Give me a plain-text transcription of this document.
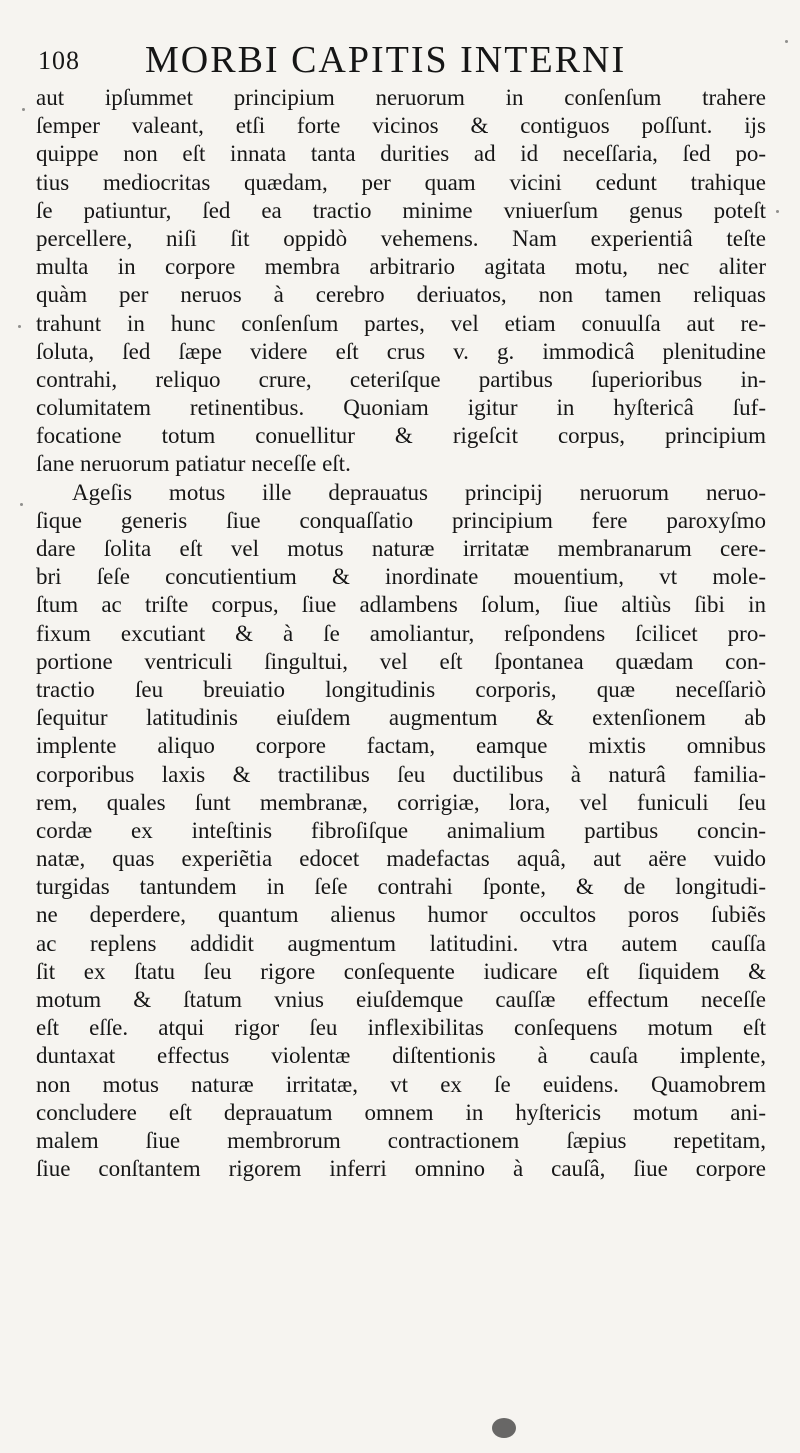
108 MORBI CAPITIS INTERNI
aut ipſummet principium neruorum in conſenſum trahere
ſemper valeant, etſi forte vicinos & contiguos poſſunt. ijs
quippe non eſt innata tanta durities ad id neceſſaria, ſed po-
tius mediocritas quædam, per quam vicini cedunt trahique
ſe patiuntur, ſed ea tractio minime vniuerſum genus poteſt
percellere, niſi ſit oppidò vehemens. Nam experientiâ teſte
multa in corpore membra arbitrario agitata motu, nec aliter
quàm per neruos à cerebro deriuatos, non tamen reliquas
trahunt in hunc conſenſum partes, vel etiam conuulſa aut re-
ſoluta, ſed ſæpe videre eſt crus v. g. immodicâ plenitudine
contrahi, reliquo crure, ceteriſque partibus ſuperioribus in-
columitatem retinentibus. Quoniam igitur in hyſtericâ ſuf-
focatione totum conuellitur & rigeſcit corpus, principium
ſane neruorum patiatur neceſſe eſt.
Ageſis motus ille deprauatus principij neruorum neruo-
ſique generis ſiue conquaſſatio principium fere paroxyſmo
dare ſolita eſt vel motus naturæ irritatæ membranarum cere-
bri ſeſe concutientium & inordinate mouentium, vt mole-
ſtum ac triſte corpus, ſiue adlambens ſolum, ſiue altiùs ſibi in
fixum excutiant & à ſe amoliantur, reſpondens ſcilicet pro-
portione ventriculi ſingultui, vel eſt ſpontanea quædam con-
tractio ſeu breuiatio longitudinis corporis, quæ neceſſariò
ſequitur latitudinis eiuſdem augmentum & extenſionem ab
implente aliquo corpore factam, eamque mixtis omnibus
corporibus laxis & tractilibus ſeu ductilibus à naturâ familia-
rem, quales ſunt membranæ, corrigiæ, lora, vel funiculi ſeu
cordæ ex inteſtinis fibroſiſque animalium partibus concin-
natæ, quas experiẽtia edocet madefactas aquâ, aut aëre vuido
turgidas tantundem in ſeſe contrahi ſponte, & de longitudi-
ne deperdere, quantum alienus humor occultos poros ſubiẽs
ac replens addidit augmentum latitudini. vtra autem cauſſa
ſit ex ſtatu ſeu rigore conſequente iudicare eſt ſiquidem &
motum & ſtatum vnius eiuſdemque cauſſæ effectum neceſſe
eſt eſſe. atqui rigor ſeu inflexibilitas conſequens motum eſt
duntaxat effectus violentæ diſtentionis à cauſa implente,
non motus naturæ irritatæ, vt ex ſe euidens. Quamobrem
concludere eſt deprauatum omnem in hyſtericis motum ani-
malem ſiue membrorum contractionem ſæpius repetitam,
ſiue conſtantem rigorem inferri omnino à cauſâ, ſiue corpore
